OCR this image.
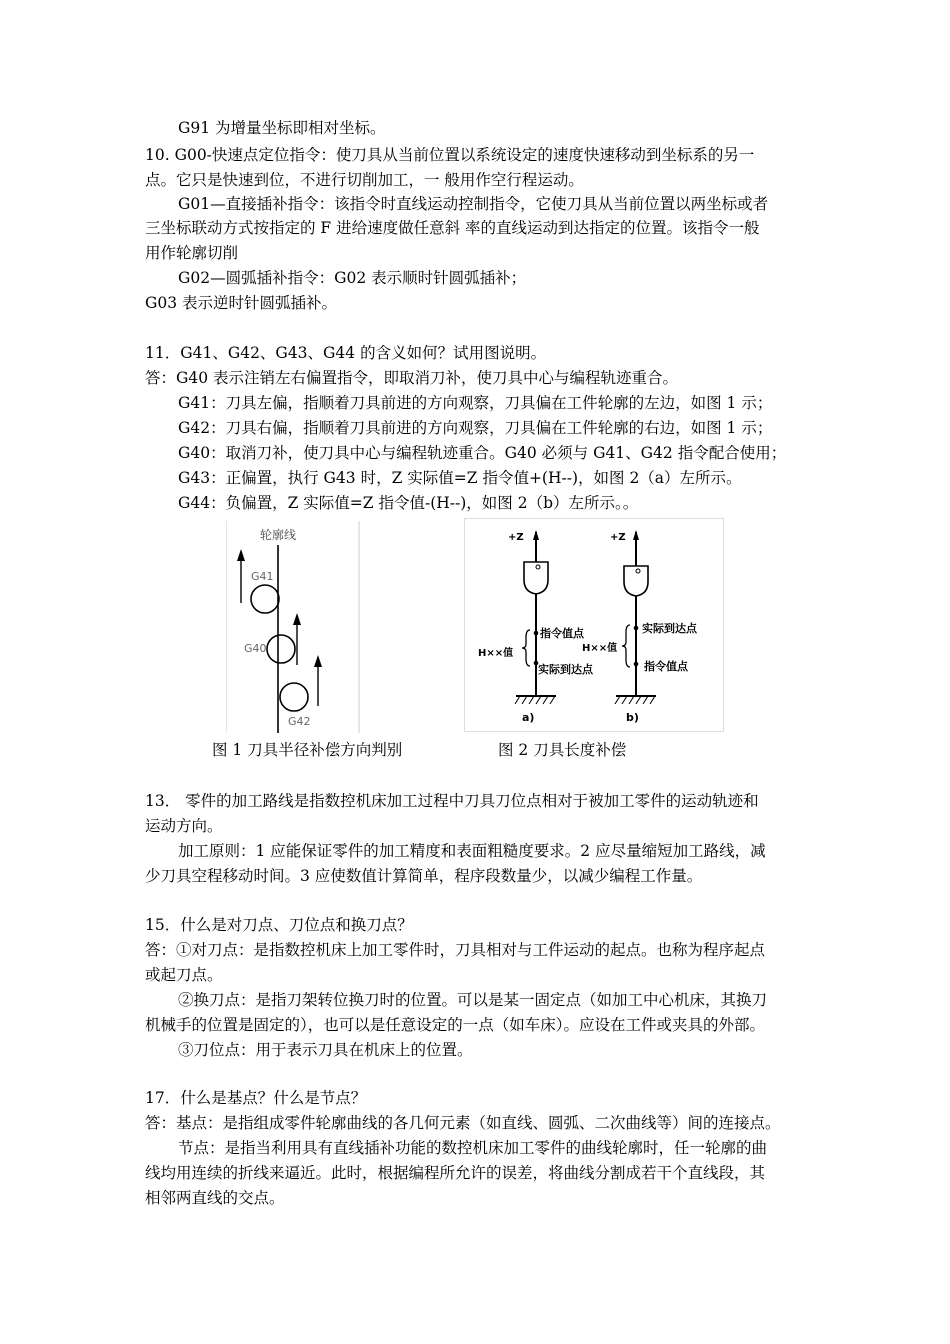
G91 为增量坐标即相对坐标。
10. G00-快速点定位指令：使刀具从当前位置以系统设定的速度快速移动到坐标系的另一
点。它只是快速到位，不进行切削加工，一 般用作空行程运动。
G01—直接插补指令：该指令时直线运动控制指令，它使刀具从当前位置以两坐标或者
三坐标联动方式按指定的 F 进给速度做任意斜 率的直线运动到达指定的位置。该指令一般
用作轮廓切削
G02—圆弧插补指令：G02 表示顺时针圆弧插补；
G03 表示逆时针圆弧插补。
11．G41、G42、G43、G44 的含义如何？试用图说明。
答：G40 表示注销左右偏置指令，即取消刀补，使刀具中心与编程轨迹重合。
G41：刀具左偏，指顺着刀具前进的方向观察，刀具偏在工件轮廓的左边，如图 1 示；
G42：刀具右偏，指顺着刀具前进的方向观察，刀具偏在工件轮廓的右边，如图 1 示；
G40：取消刀补，使刀具中心与编程轨迹重合。G40 必须与 G41、G42 指令配合使用；
G43：正偏置，执行 G43 时，Z 实际值=Z 指令值+(H--)，如图 2（a）左所示。
G44：负偏置，Z 实际值=Z 指令值-(H--)，如图 2（b）左所示。。
轮廓线
G41
G40
G42
+Z
指令值点
H××值
实际到达点
a)
+Z
实际到达点
H××值
指令值点
b)
图 1 刀具半径补偿方向判别	图 2 刀具长度补偿
13． 零件的加工路线是指数控机床加工过程中刀具刀位点相对于被加工零件的运动轨迹和
运动方向。
加工原则：1 应能保证零件的加工精度和表面粗糙度要求。2 应尽量缩短加工路线，减
少刀具空程移动时间。3 应使数值计算简单，程序段数量少，以减少编程工作量。
15．什么是对刀点、刀位点和换刀点？
答：①对刀点：是指数控机床上加工零件时，刀具相对与工件运动的起点。也称为程序起点
或起刀点。
②换刀点：是指刀架转位换刀时的位置。可以是某一固定点（如加工中心机床，其换刀
机械手的位置是固定的），也可以是任意设定的一点（如车床）。应设在工件或夹具的外部。
③刀位点：用于表示刀具在机床上的位置。
17．什么是基点？什么是节点？
答：基点：是指组成零件轮廓曲线的各几何元素（如直线、圆弧、二次曲线等）间的连接点。
节点：是指当利用具有直线插补功能的数控机床加工零件的曲线轮廓时，任一轮廓的曲
线均用连续的折线来逼近。此时，根据编程所允许的误差，将曲线分割成若干个直线段，其
相邻两直线的交点。
